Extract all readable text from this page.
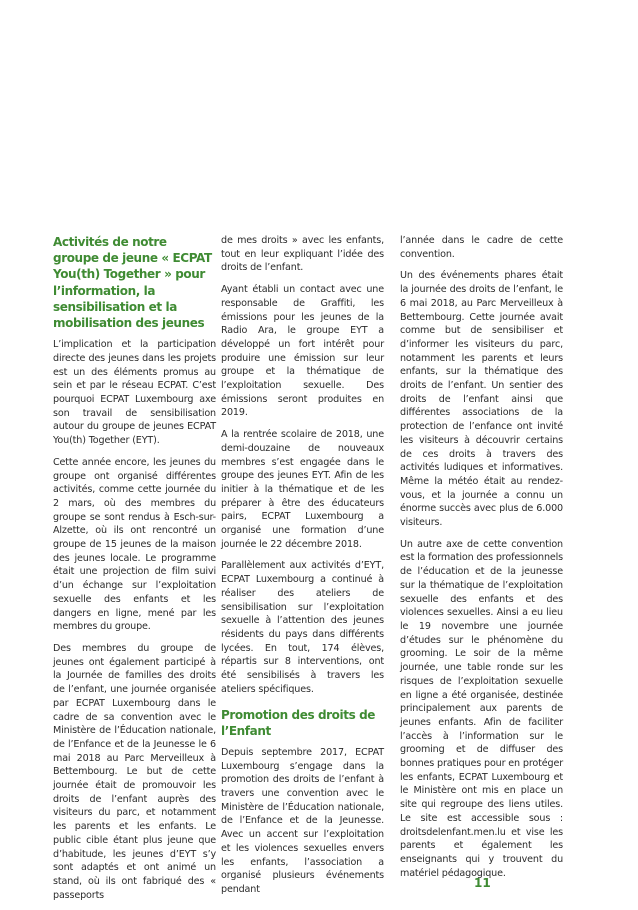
Activités de notre groupe de jeune « ECPAT You(th) Together » pour l’information, la sensibilisation et la mobilisation des jeunes

L’implication et la participation directe des jeunes dans les projets est un des éléments promus au sein et par le réseau ECPAT. C’est pourquoi ECPAT Luxembourg axe son travail de sensibilisation autour du groupe de jeunes ECPAT You(th) Together (EYT).

Cette année encore, les jeunes du groupe ont organisé différentes activités, comme cette journée du 2 mars, où des membres du groupe se sont rendus à Esch-sur-Alzette, où ils ont rencontré un groupe de 15 jeunes de la maison des jeunes locale. Le programme était une projection de film suivi d’un échange sur l’exploitation sexuelle des enfants et les dangers en ligne, mené par les membres du groupe.

Des membres du groupe de jeunes ont également participé à la Journée de familles des droits de l’enfant, une journée organisée par ECPAT Luxembourg dans le cadre de sa convention avec le Ministère de l’Éducation nationale, de l’Enfance et de la Jeunesse le 6 mai 2018 au Parc Merveilleux à Bettembourg. Le but de cette journée était de promouvoir les droits de l’enfant auprès des visiteurs du parc, et notamment les parents et les enfants. Le public cible étant plus jeune que d’habitude, les jeunes d’EYT s’y sont adaptés et ont animé un stand, où ils ont fabriqué des « passeports

de mes droits » avec les enfants, tout en leur expliquant l’idée des droits de l’enfant.

Ayant établi un contact avec une responsable de Graffiti, les émissions pour les jeunes de la Radio Ara, le groupe EYT a développé un fort intérêt pour produire une émission sur leur groupe et la thématique de l’exploitation sexuelle. Des émissions seront produites en 2019.

A la rentrée scolaire de 2018, une demi-douzaine de nouveaux membres s’est engagée dans le groupe des jeunes EYT. Afin de les initier à la thématique et de les préparer à être des éducateurs pairs, ECPAT Luxembourg a organisé une formation d’une journée le 22 décembre 2018.

Parallèlement aux activités d’EYT, ECPAT Luxembourg a continué à réaliser des ateliers de sensibilisation sur l’exploitation sexuelle à l’attention des jeunes résidents du pays dans différents lycées. En tout, 174 élèves, répartis sur 8 interventions, ont été sensibilisés à travers les ateliers spécifiques.

Promotion des droits de l’Enfant

Depuis septembre 2017, ECPAT Luxembourg s’engage dans la promotion des droits de l’enfant à travers une convention avec le Ministère de l’Éducation nationale, de l’Enfance et de la Jeunesse. Avec un accent sur l’exploitation et les violences sexuelles envers les enfants, l’association a organisé plusieurs événements pendant

l’année dans le cadre de cette convention.

Un des événements phares était la journée des droits de l’enfant, le 6 mai 2018, au Parc Merveilleux à Bettembourg. Cette journée avait comme but de sensibiliser et d’informer les visiteurs du parc, notamment les parents et leurs enfants, sur la thématique des droits de l’enfant. Un sentier des droits de l’enfant ainsi que différentes associations de la protection de l’enfance ont invité les visiteurs à découvrir certains de ces droits à travers des activités ludiques et informatives. Même la météo était au rendez-vous, et la journée a connu un énorme succès avec plus de 6.000 visiteurs.

Un autre axe de cette convention est la formation des professionnels de l’éducation et de la jeunesse sur la thématique de l’exploitation sexuelle des enfants et des violences sexuelles. Ainsi a eu lieu le 19 novembre une journée d’études sur le phénomène du grooming. Le soir de la même journée, une table ronde sur les risques de l’exploitation sexuelle en ligne a été organisée, destinée principalement aux parents de jeunes enfants. Afin de faciliter l’accès à l’information sur le grooming et de diffuser des bonnes pratiques pour en protéger les enfants, ECPAT Luxembourg et le Ministère ont mis en place un site qui regroupe des liens utiles. Le site est accessible sous : droitsdelenfant.men.lu et vise les parents et également les enseignants qui y trouvent du matériel pédagogique.

11
